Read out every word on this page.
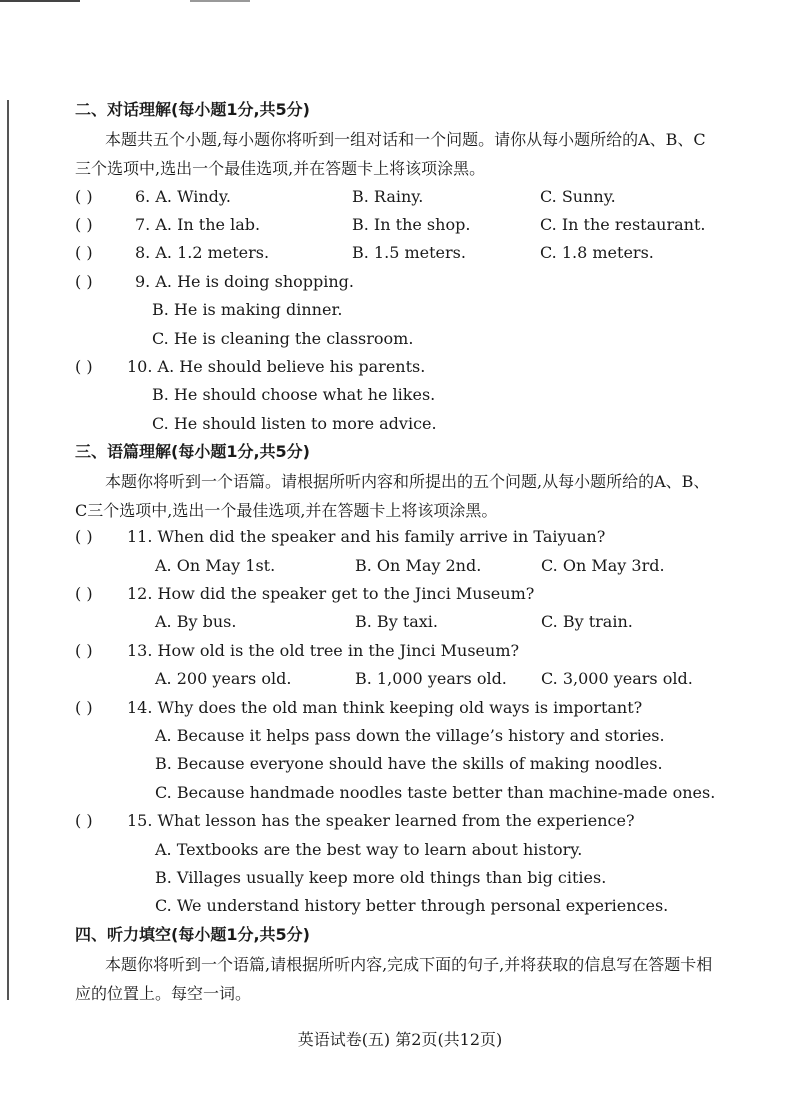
二、对话理解(每小题1分,共5分)
本题共五个小题,每小题你将听到一组对话和一个问题。请你从每小题所给的A、B、C三个选项中,选出一个最佳选项,并在答题卡上将该项涂黑。
( )	6. A. Windy.	B. Rainy.	C. Sunny.
( )	7. A. In the lab.	B. In the shop.	C. In the restaurant.
( )	8. A. 1.2 meters.	B. 1.5 meters.	C. 1.8 meters.
( )	9. A. He is doing shopping.
B. He is making dinner.
C. He is cleaning the classroom.
( ) 10. A. He should believe his parents.
B. He should choose what he likes.
C. He should listen to more advice.
三、语篇理解(每小题1分,共5分)
本题你将听到一个语篇。请根据所听内容和所提出的五个问题,从每小题所给的A、B、C三个选项中,选出一个最佳选项,并在答题卡上将该项涂黑。
( ) 11. When did the speaker and his family arrive in Taiyuan?
A. On May 1st.	B. On May 2nd.	C. On May 3rd.
( ) 12. How did the speaker get to the Jinci Museum?
A. By bus.	B. By taxi.	C. By train.
( ) 13. How old is the old tree in the Jinci Museum?
A. 200 years old.	B. 1,000 years old. C. 3,000 years old.
( ) 14. Why does the old man think keeping old ways is important?
A. Because it helps pass down the village’s history and stories.
B. Because everyone should have the skills of making noodles.
C. Because handmade noodles taste better than machine-made ones.
( ) 15. What lesson has the speaker learned from the experience?
A. Textbooks are the best way to learn about history.
B. Villages usually keep more old things than big cities.
C. We understand history better through personal experiences.
四、听力填空(每小题1分,共5分)
本题你将听到一个语篇,请根据所听内容,完成下面的句子,并将获取的信息写在答题卡相应的位置上。每空一词。
英语试卷(五) 第2页(共12页)
